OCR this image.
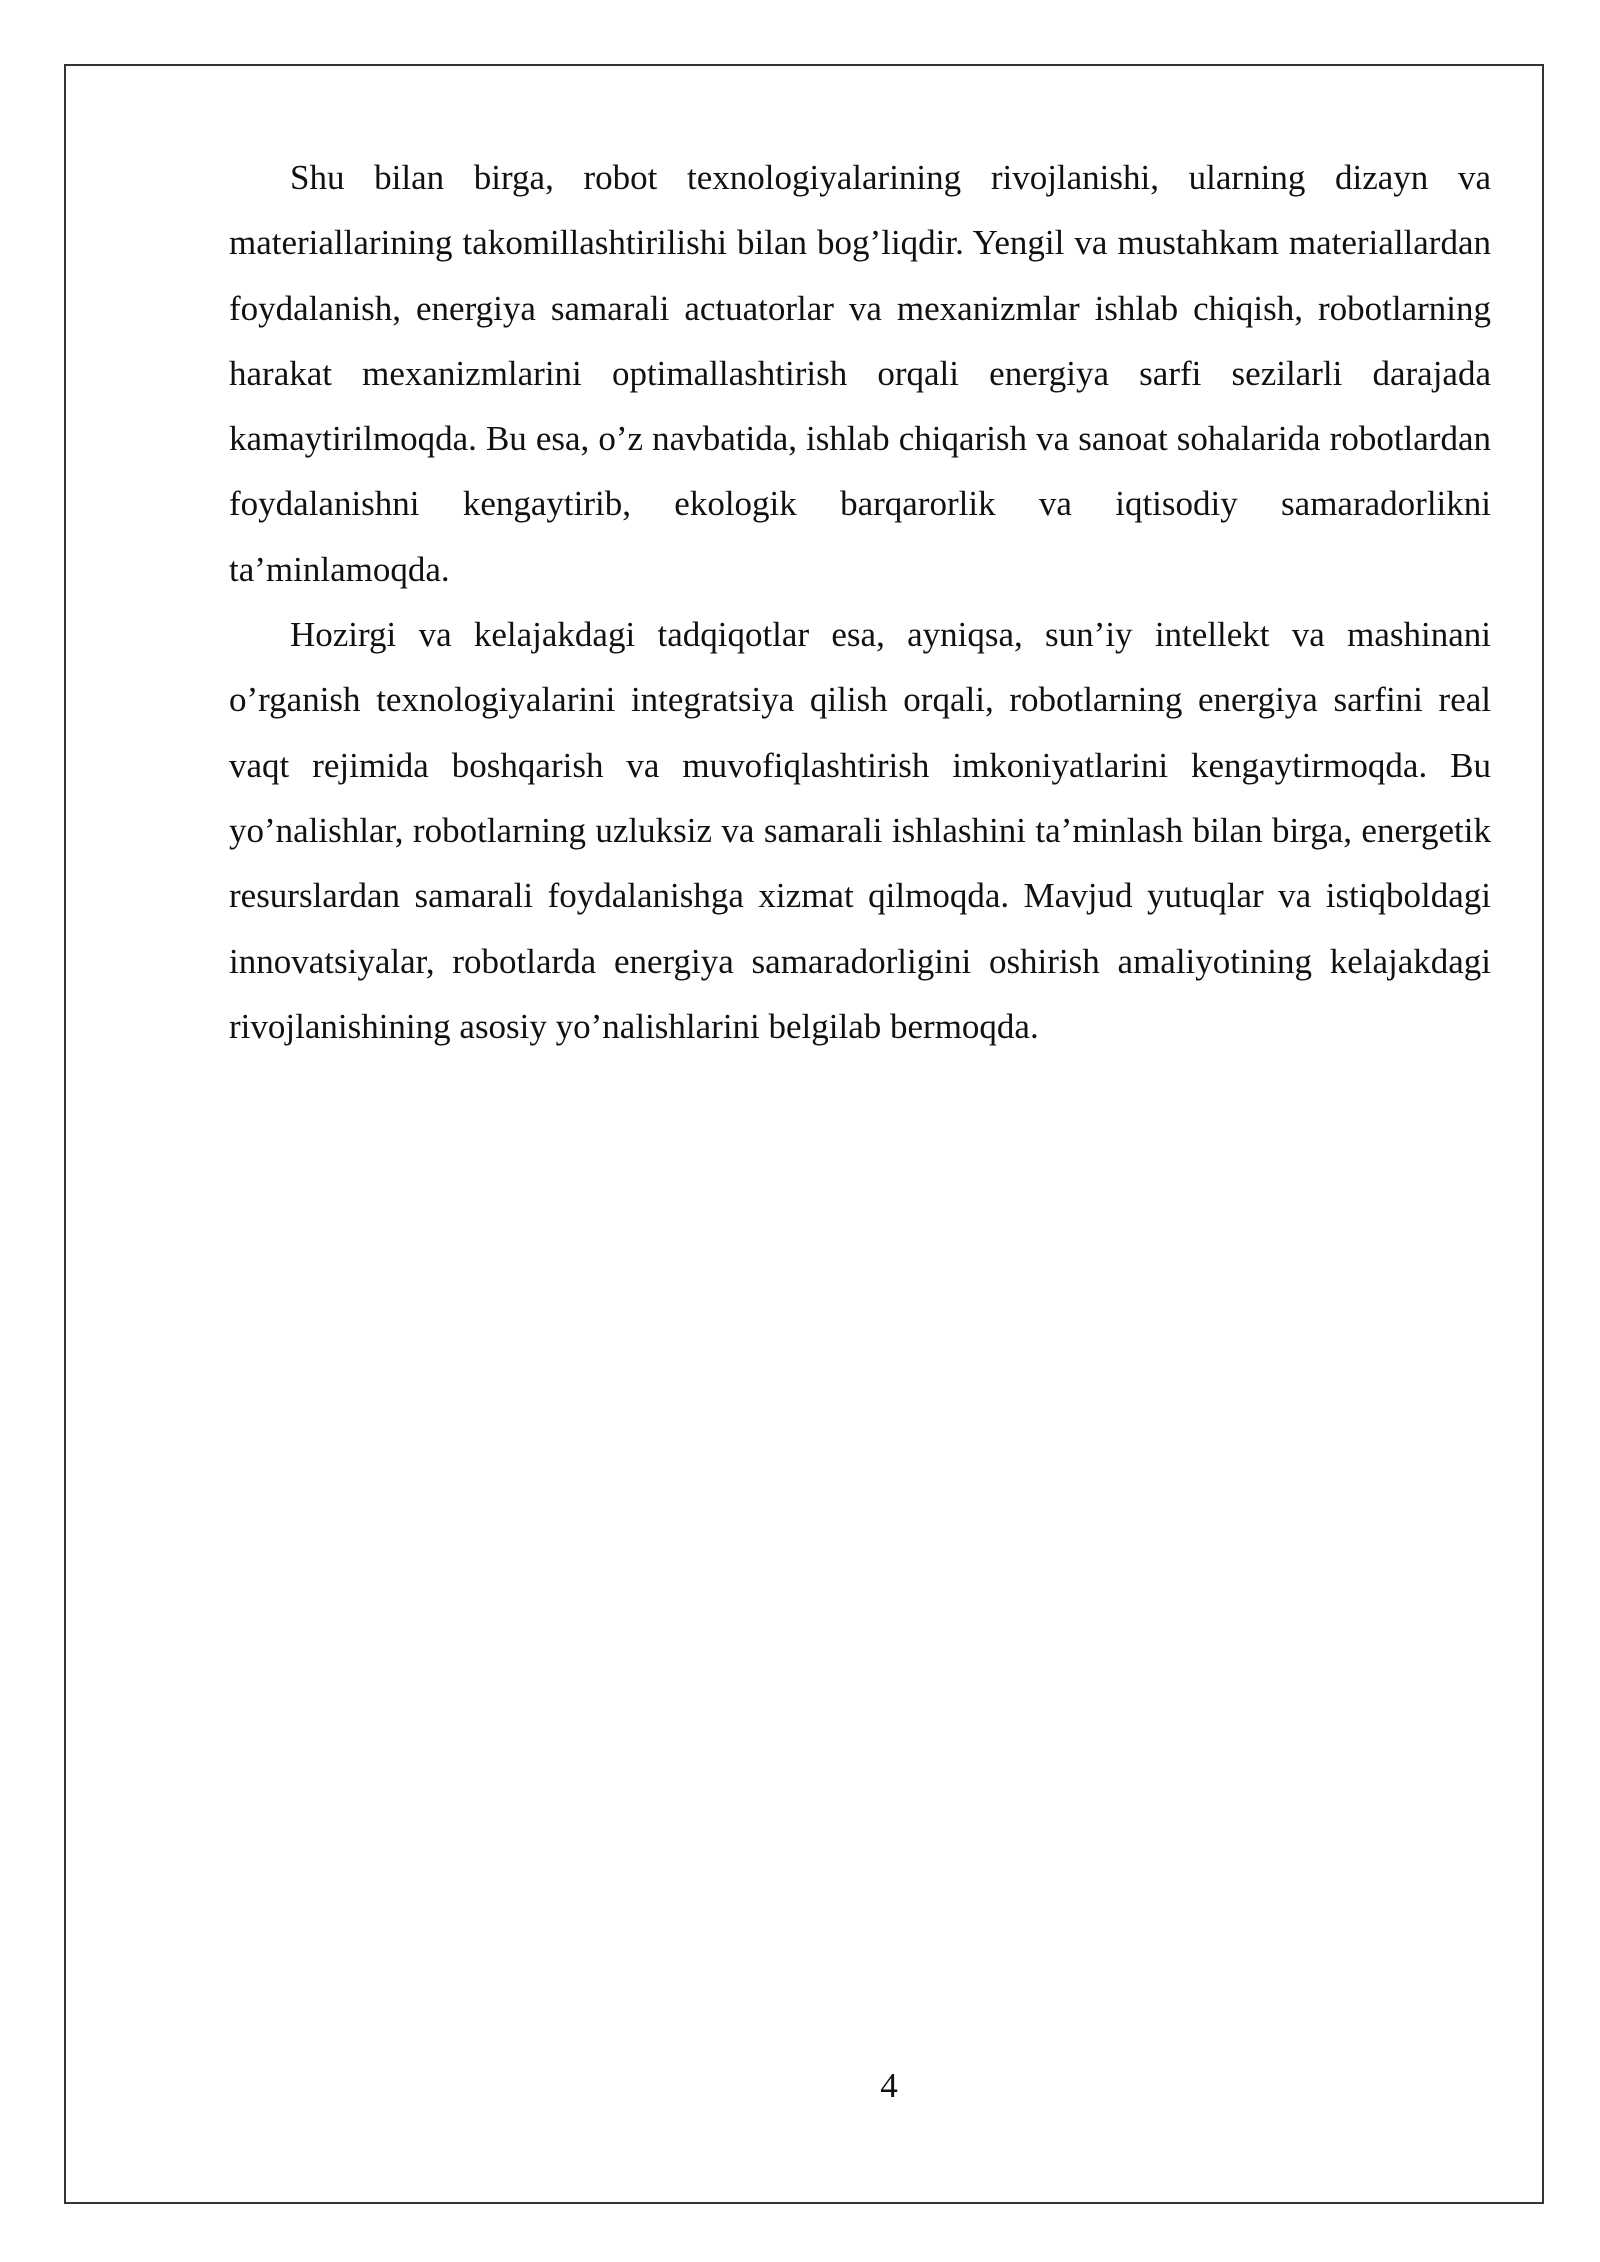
Shu bilan birga, robot texnologiyalarining rivojlanishi, ularning dizayn va materiallarining takomillashtirilishi bilan bog’liqdir. Yengil va mustahkam materiallardan foydalanish, energiya samarali actuatorlar va mexanizmlar ishlab chiqish, robotlarning harakat mexanizmlarini optimallashtirish orqali energiya sarfi sezilarli darajada kamaytirilmoqda. Bu esa, o’z navbatida, ishlab chiqarish va sanoat sohalarida robotlardan foydalanishni kengaytirib, ekologik barqarorlik va iqtisodiy samaradorlikni ta’minlamoqda.

Hozirgi va kelajakdagi tadqiqotlar esa, ayniqsa, sun’iy intellekt va mashinani o’rganish texnologiyalarini integratsiya qilish orqali, robotlarning energiya sarfini real vaqt rejimida boshqarish va muvofiqlashtirish imkoniyatlarini kengaytirmoqda. Bu yo’nalishlar, robotlarning uzluksiz va samarali ishlashini ta’minlash bilan birga, energetik resurslardan samarali foydalanishga xizmat qilmoqda. Mavjud yutuqlar va istiqboldagi innovatsiyalar, robotlarda energiya samaradorligini oshirish amaliyotining kelajakdagi rivojlanishining asosiy yo’nalishlarini belgilab bermoqda.

4
